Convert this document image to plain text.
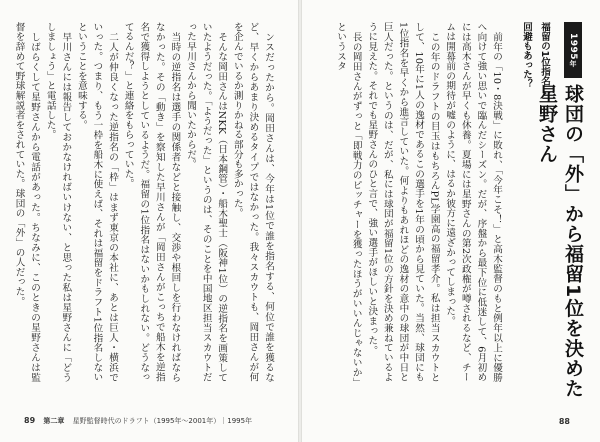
ンスだったから。岡田さんは、今年は1位で誰を指名する、何位で誰を獲るなど、早くからあまり決めるタイプではなかった。我々スカウトも、岡田さんが何を企んでいるか測りかねる部分も多かった。

そんな岡田さんはNKK（日本鋼管）・船木聖士（阪神1位）の逆指名を画策していたようだった。「ようだった」というのは、そのことを中国地区担当スカウトだった早川さんから聞いたからだ。

当時の逆指名は選手の関係者などと接触し、交渉や根回しを行わなければならなかった。その「動き」を察知した早川さんが「岡田さんがこっちで船木を逆指名で獲得しようとしているようだ。福留の1位指名はないかもしれない。どうなってるんだ？」と連絡をもらっていた。

二人が仲良くなった逆指名の「枠」はまず東京の本社に、あとは巨人・横浜でいった。つまり、もう一枠を船木に使えば、それは福留をドラフト1位指名しないということを意味する。

早川さんには報告しておかなければいけない、と思った私は星野さんに「どうしましょう」と電話した。

しばらくして星野さんから電話があった。ちなみに、このときの星野さんは監督を辞めて野球解説者をされていた。球団の「外」の人だった。

89 第二章 星野監督時代のドラフト（1995年〜2001年）｜1995年
1995年
球団の「外」から福留1位を決めた星野さん
回避もあった？ 福留の1位指名

前年の「10・8決戦」に敗れ、「今年こそ！」と高木監督のもと例年以上に優勝へ向けて強い思いで臨んだシーズン。だが、序盤から最下位に低迷して、6月初めには高木さんが早くも休養。夏場には星野さんの第2次政権が噂されるなど、チームは開幕前の期待が嘘のように、はるか彼方に遠ざかってしまった。

この年のドラフトの目玉はもちろんPL学園高の福留孝介。私は担当スカウトとして、10年に1人の逸材であるこの選手を1年の頃から見ていた。当然、球団にも1位指名を早くから進言していた。何よりもあれほどの逸材の意中の球団が中日と巨人だった。というのは、だが、私には球団が福留1位の方針を決め兼ねているように見えた。それでも星野さんのひと言で、強い選手がほしいと決まった。

長の岡田さんがずっと「即戦力のピッチャーを獲ったほうがいいんじゃないか」というスタ

88
